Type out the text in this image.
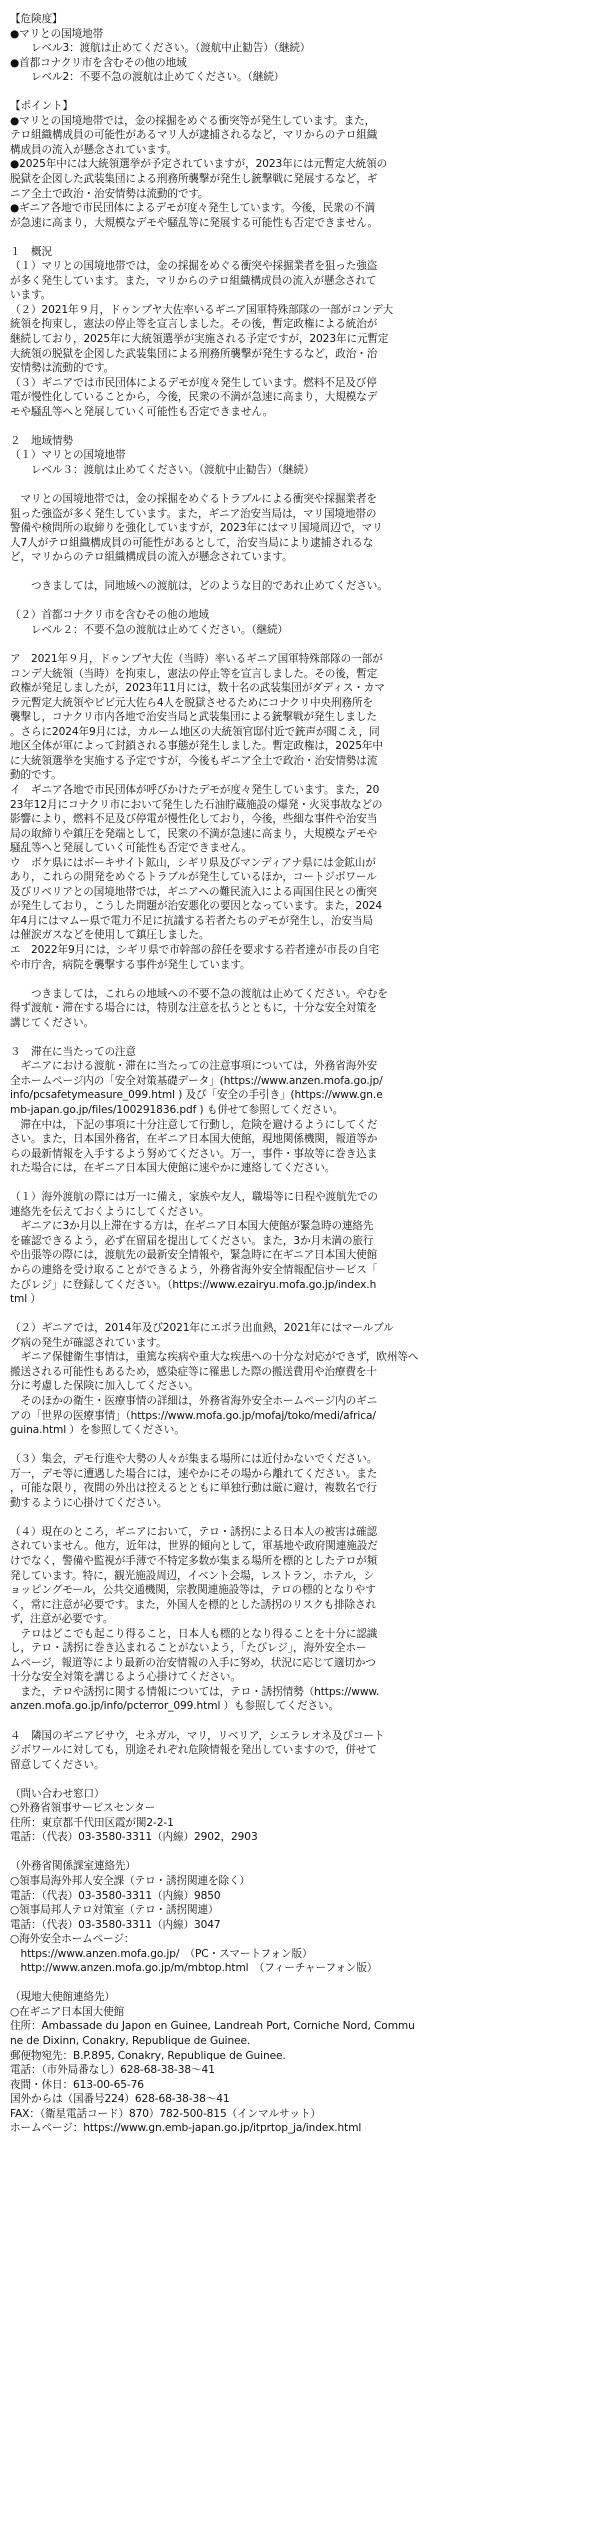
【危険度】

●マリとの国境地帯

　　レベル3：渡航は止めてください。（渡航中止勧告）（継続）

●首都コナクリ市を含むその他の地域

　　レベル2：不要不急の渡航は止めてください。（継続）

【ポイント】

●マリとの国境地帯では，金の採掘をめぐる衝突等が発生しています。また，

テロ組織構成員の可能性があるマリ人が逮捕されるなど，マリからのテロ組織

構成員の流入が懸念されています。

●2025年中には大統領選挙が予定されていますが，2023年には元暫定大統領の

脱獄を企図した武装集団による刑務所襲撃が発生し銃撃戦に発展するなど，ギ

ニア全土で政治・治安情勢は流動的です。

●ギニア各地で市民団体によるデモが度々発生しています。今後，民衆の不満

が急速に高まり，大規模なデモや騒乱等に発展する可能性も否定できません。

１　概況

（１）マリとの国境地帯では，金の採掘をめぐる衝突や採掘業者を狙った強盗

が多く発生しています。また，マリからのテロ組織構成員の流入が懸念されて

います。

（２）2021年９月，ドゥンブヤ大佐率いるギニア国軍特殊部隊の一部がコンデ大

統領を拘束し，憲法の停止等を宣言しました。その後，暫定政権による統治が

継続しており，2025年に大統領選挙が実施される予定ですが，2023年に元暫定

大統領の脱獄を企図した武装集団による刑務所襲撃が発生するなど，政治・治

安情勢は流動的です。

（３）ギニアでは市民団体によるデモが度々発生しています。燃料不足及び停

電が慢性化していることから，今後，民衆の不満が急速に高まり，大規模なデ

モや騒乱等へと発展していく可能性も否定できません。

２　地域情勢

（１）マリとの国境地帯

　　レベル３：渡航は止めてください。（渡航中止勧告）（継続）

　マリとの国境地帯では，金の採掘をめぐるトラブルによる衝突や採掘業者を

狙った強盗が多く発生しています。また，ギニア治安当局は，マリ国境地帯の

警備や検問所の取締りを強化していますが，2023年にはマリ国境周辺で，マリ

人7人がテロ組織構成員の可能性があるとして，治安当局により逮捕されるな

ど，マリからのテロ組織構成員の流入が懸念されています。

　　つきましては，同地域への渡航は，どのような目的であれ止めてください。

（２）首都コナクリ市を含むその他の地域

　　レベル２：不要不急の渡航は止めてください。（継続）

ア　2021年９月，ドゥンブヤ大佐（当時）率いるギニア国軍特殊部隊の一部が

コンデ大統領（当時）を拘束し，憲法の停止等を宣言しました。その後，暫定

政権が発足しましたが，2023年11月には，数十名の武装集団がダディス・カマ

ラ元暫定大統領やピビ元大佐ら4人を脱獄させるためにコナクリ中央刑務所を

襲撃し，コナクリ市内各地で治安当局と武装集団による銃撃戦が発生しました

。さらに2024年9月には，カルーム地区の大統領官邸付近で銃声が聞こえ，同

地区全体が軍によって封鎖される事態が発生しました。暫定政権は，2025年中

に大統領選挙を実施する予定ですが，今後もギニア全土で政治・治安情勢は流

動的です。

イ　ギニア各地で市民団体が呼びかけたデモが度々発生しています。また，20

23年12月にコナクリ市において発生した石油貯蔵施設の爆発・火災事故などの

影響により，燃料不足及び停電が慢性化しており，今後，些細な事件や治安当

局の取締りや鎮圧を発端として，民衆の不満が急速に高まり，大規模なデモや

騒乱等へと発展していく可能性も否定できません。

ウ　ボケ県にはボーキサイト鉱山，シギリ県及びマンディアナ県には金鉱山が

あり，これらの開発をめぐるトラブルが発生しているほか，コートジボワール

及びリベリアとの国境地帯では，ギニアへの難民流入による両国住民との衝突

が発生しており，こうした問題が治安悪化の要因となっています。また，2024

年4月にはマムー県で電力不足に抗議する若者たちのデモが発生し，治安当局

は催涙ガスなどを使用して鎮圧しました。

エ　2022年9月には，シギリ県で市幹部の辞任を要求する若者達が市長の自宅

や市庁舎，病院を襲撃する事件が発生しています。

　　つきましては，これらの地域への不要不急の渡航は止めてください。やむを

得ず渡航・滞在する場合には，特別な注意を払うとともに，十分な安全対策を

講じてください。

３　滞在に当たっての注意

　ギニアにおける渡航・滞在に当たっての注意事項については，外務省海外安

全ホームページ内の「安全対策基礎データ」(https://www.anzen.mofa.go.jp/

info/pcsafetymeasure_099.html ) 及び「安全の手引き」(https://www.gn.e

mb-japan.go.jp/files/100291836.pdf ) も併せて参照してください。

　滞在中は，下記の事項に十分注意して行動し，危険を避けるようにしてくだ

さい。また，日本国外務省，在ギニア日本国大使館，現地関係機関，報道等か

らの最新情報を入手するよう努めてください。万一，事件・事故等に巻き込ま

れた場合には，在ギニア日本国大使館に速やかに連絡してください。

（１）海外渡航の際には万一に備え，家族や友人，職場等に日程や渡航先での

連絡先を伝えておくようにしてください。

　ギニアに3か月以上滞在する方は，在ギニア日本国大使館が緊急時の連絡先

を確認できるよう，必ず在留届を提出してください。また，3か月未満の旅行

や出張等の際には，渡航先の最新安全情報や，緊急時に在ギニア日本国大使館

からの連絡を受け取ることができるよう，外務省海外安全情報配信サービス「

たびレジ」に登録してください。（https://www.ezairyu.mofa.go.jp/index.h

tml ）

（２）ギニアでは，2014年及び2021年にエボラ出血熱，2021年にはマールブル

グ病の発生が確認されています。

　ギニア保健衛生事情は，重篤な疾病や重大な疾患への十分な対応ができず，欧州等へ

搬送される可能性もあるため，感染症等に罹患した際の搬送費用や治療費を十

分に考慮した保険に加入してください。

　そのほかの衛生・医療事情の詳細は，外務省海外安全ホームページ内のギニ

アの「世界の医療事情」（https://www.mofa.go.jp/mofaj/toko/medi/africa/

guina.html ）を参照してください。

（３）集会，デモ行進や大勢の人々が集まる場所には近付かないでください。

万一，デモ等に遭遇した場合には，速やかにその場から離れてください。また

，可能な限り，夜間の外出は控えるとともに単独行動は厳に避け，複数名で行

動するように心掛けてください。

（４）現在のところ，ギニアにおいて，テロ・誘拐による日本人の被害は確認

されていません。他方，近年は，世界的傾向として，軍基地や政府関連施設だ

けでなく，警備や監視が手薄で不特定多数が集まる場所を標的としたテロが頻

発しています。特に，観光施設周辺，イベント会場，レストラン，ホテル，シ

ョッピングモール，公共交通機関，宗教関連施設等は，テロの標的となりやす

く，常に注意が必要です。また，外国人を標的とした誘拐のリスクも排除され

ず，注意が必要です。

　テロはどこでも起こり得ること，日本人も標的となり得ることを十分に認識

し，テロ・誘拐に巻き込まれることがないよう，「たびレジ」，海外安全ホー

ムページ，報道等により最新の治安情報の入手に努め，状況に応じて適切かつ

十分な安全対策を講じるよう心掛けてください。

　また，テロや誘拐に関する情報については，テロ・誘拐情勢（https://www.

anzen.mofa.go.jp/info/pcterror_099.html ）も参照してください。

４　隣国のギニアビサウ，セネガル，マリ，リベリア，シエラレオネ及びコート

ジボワールに対しても，別途それぞれ危険情報を発出していますので，併せて

留意してください。

（問い合わせ窓口）

○外務省領事サービスセンター

住所：東京都千代田区霞が関2-2-1

電話：（代表）03-3580-3311（内線）2902，2903

（外務省関係課室連絡先）

○領事局海外邦人安全課（テロ・誘拐関連を除く）

電話：（代表）03-3580-3311（内線）9850

○領事局邦人テロ対策室（テロ・誘拐関連）

電話：（代表）03-3580-3311（内線）3047

○海外安全ホームページ：

　https://www.anzen.mofa.go.jp/　（PC・スマートフォン版）

　http://www.anzen.mofa.go.jp/m/mbtop.html　（フィーチャーフォン版）

（現地大使館連絡先）

○在ギニア日本国大使館

住所：Ambassade du Japon en Guinee, Landreah Port, Corniche Nord, Commu

ne de Dixinn, Conakry, Republique de Guinee.

郵便物宛先：B.P.895, Conakry, Republique de Guinee.

電話：（市外局番なし）628-68-38-38～41

夜間・休日：613-00-65-76

国外からは（国番号224）628-68-38-38～41

FAX：（衛星電話コード）870）782-500-815（インマルサット）

ホームページ：https://www.gn.emb-japan.go.jp/itprtop_ja/index.html
